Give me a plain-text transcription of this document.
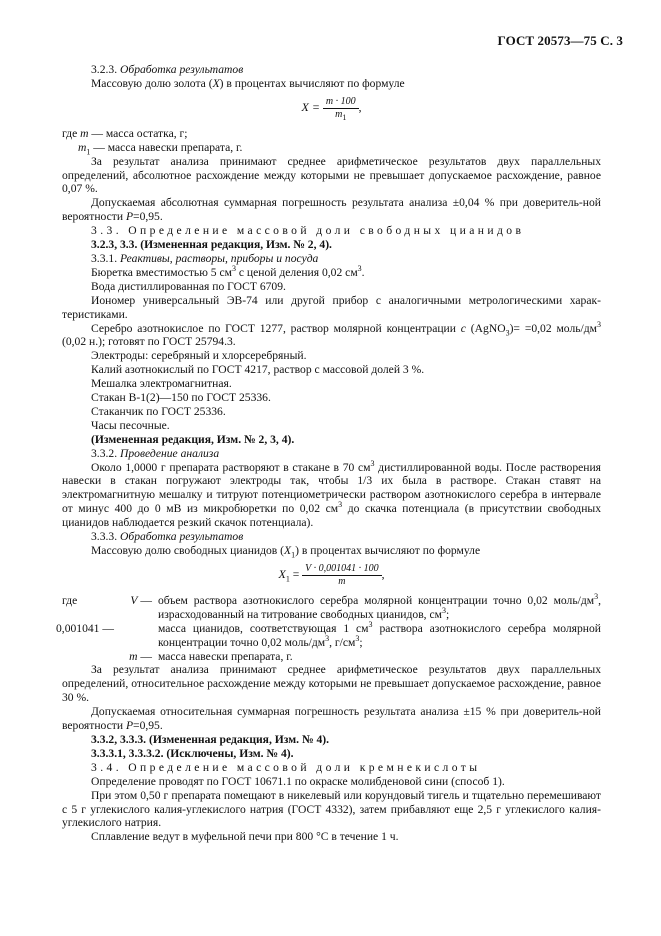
ГОСТ 20573—75 С. 3
3.2.3. Обработка результатов
Массовую долю золота (X) в процентах вычисляют по формуле
$X = \frac{m \cdot 100}{m_1}$ ,
где m — масса остатка, г;
$m_1$ — масса навески препарата, г.
За результат анализа принимают среднее арифметическое результатов двух параллельных определений, абсолютное расхождение между которыми не превышает допускаемое расхождение, равное 0,07 %.
Допускаемая абсолютная суммарная погрешность результата анализа ±0,04 % при доверитель-ной вероятности Р=0,95.
3.3. Определение массовой доли свободных цианидов
3.2.3, 3.3. (Измененная редакция, Изм. № 2, 4).
3.3.1. Реактивы, растворы, приборы и посуда
Бюретка вместимостью 5 $см^3$ с ценой деления 0,02 $см^3$.
Вода дистиллированная по ГОСТ 6709.
Иономер универсальный ЭВ-74 или другой прибор с аналогичными метрологическими харак-теристиками.
Серебро азотнокислое по ГОСТ 1277, раствор молярной концентрации с (AgNO$_3$)= =0,02 моль/$дм^3$ (0,02 н.); готовят по ГОСТ 25794.3.
Электроды: серебряный и хлорсеребряный.
Калий азотнокислый по ГОСТ 4217, раствор с массовой долей 3 %.
Мешалка электромагнитная.
Стакан В-1(2)—150 по ГОСТ 25336.
Стаканчик по ГОСТ 25336.
Часы песочные.
(Измененная редакция, Изм. № 2, 3, 4).
3.3.2. Проведение анализа
Около 1,0000 г препарата растворяют в стакане в 70 $см^3$ дистиллированной воды. После растворения навески в стакан погружают электроды так, чтобы 1/3 их была в растворе. Стакан ставят на электромагнитную мешалку и титруют потенциометрически раствором азотнокислого серебра в интервале от минус 400 до 0 мВ из микробюретки по 0,02 $см^3$ до скачка потенциала (в присутствии свободных цианидов наблюдается резкий скачок потенциала).
3.3.3. Обработка результатов
Массовую долю свободных цианидов $(X_1)$ в процентах вычисляют по формуле
$X_1 = \frac{V \cdot 0,001041 \cdot 100}{m}$ ,
где	V —	объем раствора азотнокислого серебра молярной концентрации точно 0,02 моль/$дм^3$, израсходованный на титрование свободных цианидов, $см^3$;
0,001041 —	масса цианидов, соответствующая 1 $см^3$ раствора азотнокислого серебра молярной концентрации точно 0,02 моль/$дм^3$, $г/см^3$;
	m —	масса навески препарата, г.
За результат анализа принимают среднее арифметическое результатов двух параллельных определений, относительное расхождение между которыми не превышает допускаемое расхождение, равное 30 %.
Допускаемая относительная суммарная погрешность результата анализа ±15 % при доверитель-ной вероятности Р=0,95.
3.3.2, 3.3.3. (Измененная редакция, Изм. № 4).
3.3.3.1, 3.3.3.2. (Исключены, Изм. № 4).
3.4. Определение массовой доли кремнекислоты
Определение проводят по ГОСТ 10671.1 по окраске молибденовой сини (способ 1).
При этом 0,50 г препарата помещают в никелевый или корундовый тигель и тщательно перемешивают с 5 г углекислого калия-углекислого натрия (ГОСТ 4332), затем прибавляют еще 2,5 г углекислого калия-углекислого натрия.
Сплавление ведут в муфельной печи при 800 °С в течение 1 ч.
